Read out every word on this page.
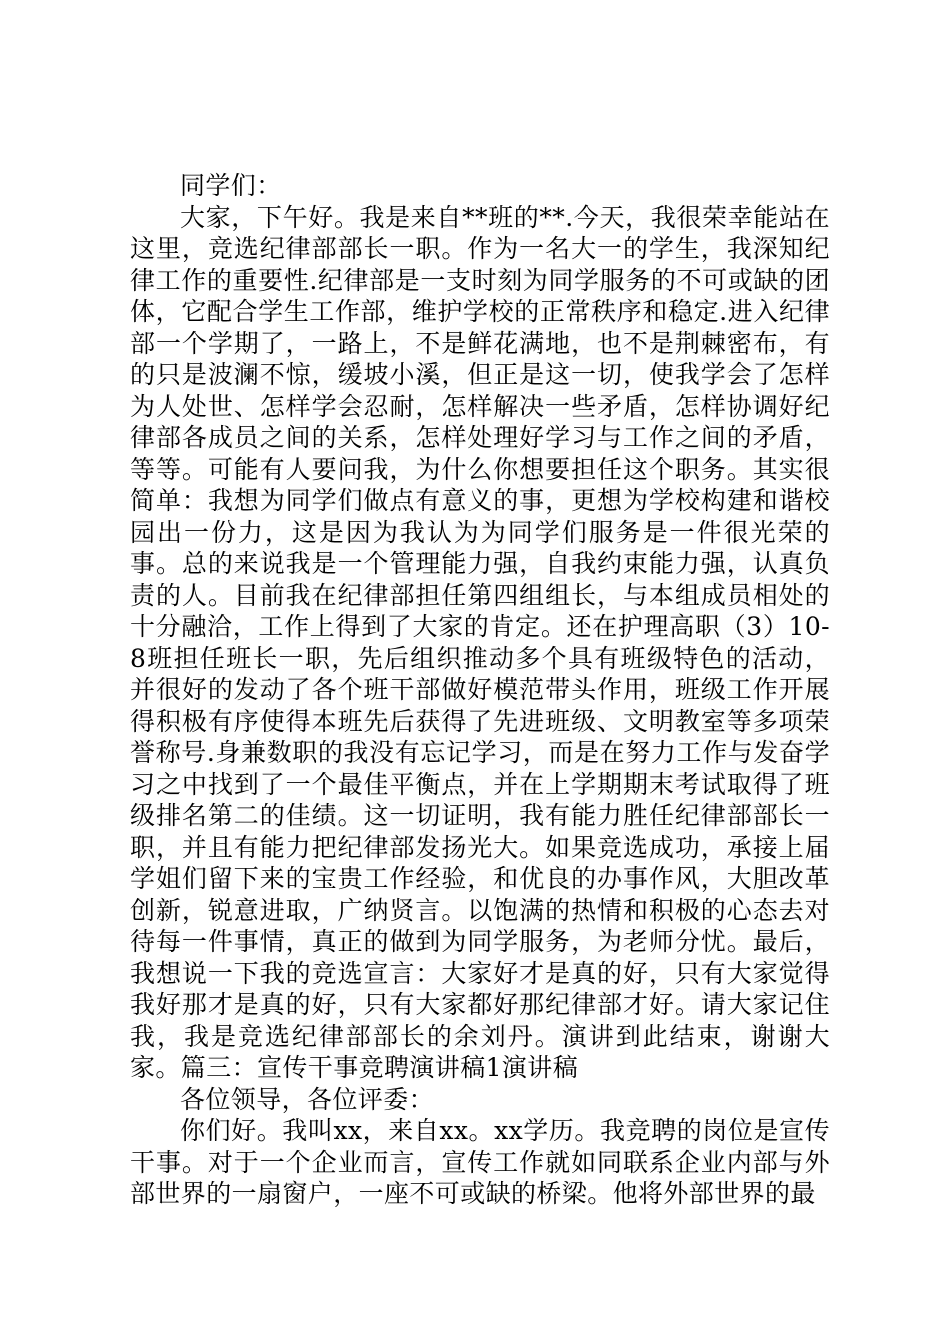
同学们：

大家，下午好。我是来自**班的**.今天，我很荣幸能站在这里，竞选纪律部部长一职。作为一名大一的学生，我深知纪律工作的重要性.纪律部是一支时刻为同学服务的不可或缺的团体，它配合学生工作部，维护学校的正常秩序和稳定.进入纪律部一个学期了，一路上，不是鲜花满地，也不是荆棘密布，有的只是波澜不惊，缓坡小溪，但正是这一切，使我学会了怎样为人处世、怎样学会忍耐，怎样解决一些矛盾，怎样协调好纪律部各成员之间的关系，怎样处理好学习与工作之间的矛盾，等等。可能有人要问我，为什么你想要担任这个职务。其实很简单：我想为同学们做点有意义的事，更想为学校构建和谐校园出一份力，这是因为我认为为同学们服务是一件很光荣的事。总的来说我是一个管理能力强，自我约束能力强，认真负责的人。目前我在纪律部担任第四组组长，与本组成员相处的十分融洽，工作上得到了大家的肯定。还在护理高职（3）10-8班担任班长一职，先后组织推动多个具有班级特色的活动，并很好的发动了各个班干部做好模范带头作用，班级工作开展得积极有序使得本班先后获得了先进班级、文明教室等多项荣誉称号.身兼数职的我没有忘记学习，而是在努力工作与发奋学习之中找到了一个最佳平衡点，并在上学期期末考试取得了班级排名第二的佳绩。这一切证明，我有能力胜任纪律部部长一职，并且有能力把纪律部发扬光大。如果竞选成功，承接上届学姐们留下来的宝贵工作经验，和优良的办事作风，大胆改革创新，锐意进取，广纳贤言。以饱满的热情和积极的心态去对待每一件事情，真正的做到为同学服务，为老师分忧。最后，我想说一下我的竞选宣言：大家好才是真的好，只有大家觉得我好那才是真的好，只有大家都好那纪律部才好。请大家记住我，我是竞选纪律部部长的余刘丹。演讲到此结束，谢谢大家。篇三：宣传干事竞聘演讲稿1演讲稿

各位领导，各位评委：

你们好。我叫xx，来自xx。xx学历。我竞聘的岗位是宣传干事。对于一个企业而言，宣传工作就如同联系企业内部与外部世界的一扇窗户，一座不可或缺的桥梁。他将外部世界的最
